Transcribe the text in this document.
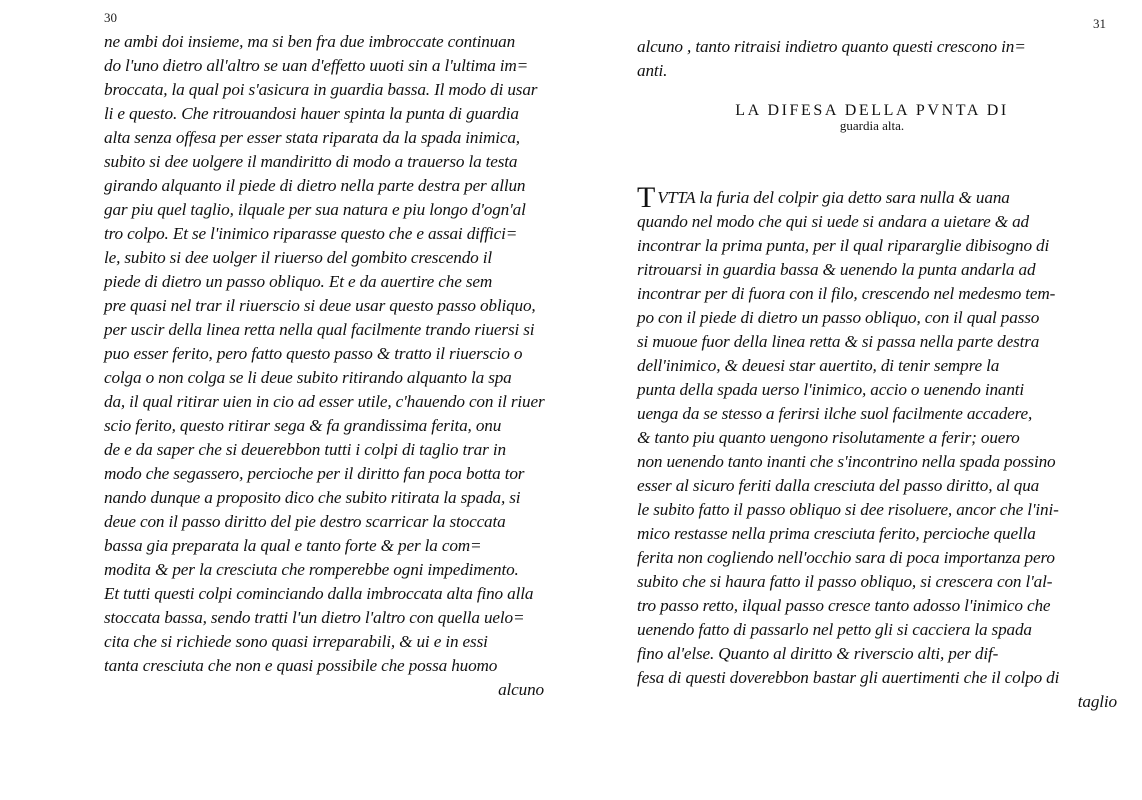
30
ne ambi doi insieme, ma si ben fra due imbroccate continuan
do l'uno dietro all'altro se uan d'effetto uuoti sin a l'ultima im=
broccata, la qual poi s'asicura in guardia bassa. Il modo di usar
li e questo. Che ritrouandosi hauer spinta la punta di guardia
alta senza offesa per esser stata riparata da la spada inimica,
subito si dee uolgere il mandiritto di modo a trauerso la testa
girando alquanto il piede di dietro nella parte destra per allun
gar piu quel taglio, ilquale per sua natura e piu longo d'ogn'al
tro colpo. Et se l'inimico riparasse questo che e assai diffici=
le, subito si dee uolger il riuerso del gombito crescendo il
piede di dietro un passo obliquo. Et e da auertire che sem
pre quasi nel trar il riuerscio si deue usar questo passo obliquo,
per uscir della linea retta nella qual facilmente trando riuersi si
puo esser ferito, pero fatto questo passo & tratto il riuerscio o
colga o non colga se li deue subito ritirando alquanto la spa
da, il qual ritirar uien in cio ad esser utile, c'hauendo con il riuer
scio ferito, questo ritirar sega & fa grandissima ferita, onu
de e da saper che si deuerebbon tutti i colpi di taglio trar in
modo che segassero, percioche per il diritto fan poca botta tor
nando dunque a proposito dico che subito ritirata la spada, si
deue con il passo diritto del pie destro scarricar la stoccata
bassa gia preparata la qual e tanto forte & per la com=
modita & per la cresciuta che romperebbe ogni impedimento.
Et tutti questi colpi cominciando dalla imbroccata alta fino alla
stoccata bassa, sendo tratti l'un dietro l'altro con quella uelo=
cita che si richiede sono quasi irreparabili, & ui e in essi
tanta cresciuta che non e quasi possibile che possa huomo
alcuno
31
alcuno , tanto ritraisi indietro quanto questi crescono in=
anti.
LA DIFESA DELLA PVNTA DI
guardia alta.
TVTTA la furia del colpir gia detto sara nulla & uana
quando nel modo che qui si uede si andara a uietare & ad
incontrar la prima punta, per il qual ripararglie dibisogno di
ritrouarsi in guardia bassa & uenendo la punta andarla ad
incontrar per di fuora con il filo, crescendo nel medesmo tem-
po con il piede di dietro un passo obliquo, con il qual passo
si muoue fuor della linea retta & si passa nella parte destra
dell'inimico, & deuesi star auertito, di tenir sempre la
punta della spada uerso l'inimico, accio o uenendo inanti
uenga da se stesso a ferirsi ilche suol facilmente accadere,
& tanto piu quanto uengono risolutamente a ferir; ouero
non uenendo tanto inanti che s'incontrino nella spada possino
esser al sicuro feriti dalla cresciuta del passo diritto, al qua
le subito fatto il passo obliquo si dee risoluere, ancor che l'ini-
mico restasse nella prima cresciuta ferito, percioche quella
ferita non cogliendo nell'occhio sara di poca importanza pero
subito che si haura fatto il passo obliquo, si crescera con l'al-
tro passo retto, ilqual passo cresce tanto adosso l'inimico che
uenendo fatto di passarlo nel petto gli si cacciera la spada
fino al'else. Quanto al diritto & riverscio alti, per dif-
fesa di questi doverebbon bastar gli auertimenti che il colpo di
taglio
